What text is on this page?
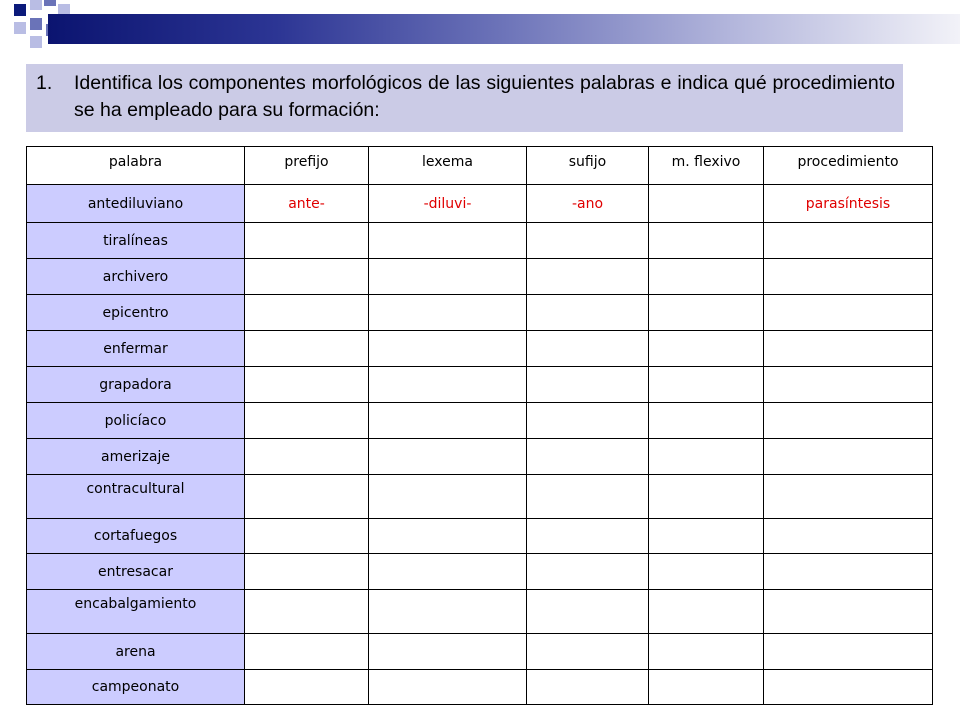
1.	Identifica los componentes morfológicos de las siguientes palabras e indica qué procedimiento se ha empleado para su formación:
palabra	prefijo	lexema	sufijo	m. flexivo	procedimiento
antediluviano	ante-	-diluvi-	-ano		parasíntesis
tiralíneas					
archivero					
epicentro					
enfermar					
grapadora					
policíaco					
amerizaje					
contracultural					
cortafuegos					
entresacar					
encabalgamiento					
arena					
campeonato					
